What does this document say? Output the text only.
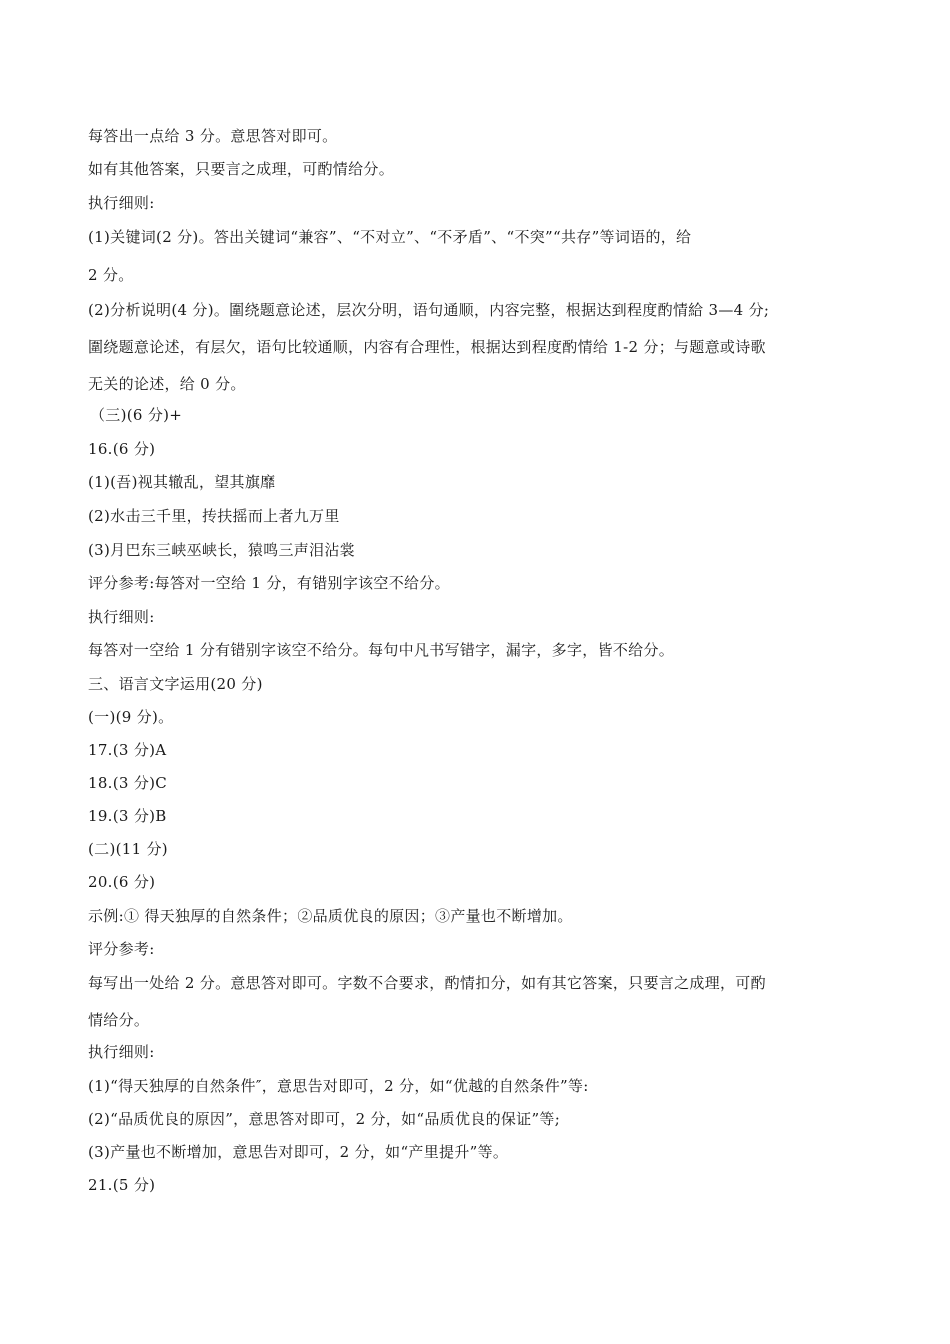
每答出一点给 3 分。意思答对即可。
如有其他答案，只要言之成理，可酌情给分。
执行细则:
(1)关键词(2 分)。答出关键词“兼容”、“不对立”、“不矛盾”、“不突”“共存”等词语的，给
2 分。
(2)分析说明(4 分)。圍绕题意论述，层次分明，语句通顺，内容完整，根据达到程度酌情給 3—4 分;
圍绕题意论述，有层欠，语句比较通顺，内容有合理性，根据达到程度酌情给 1-2 分；与题意或诗歌
无关的论述，给 0 分。
（三)(6 分)+
16.(6 分)
(1)(吾)视其辙乱，望其旗靡
(2)水击三千里，抟扶摇而上者九万里
(3)月巴东三峡巫峡长，猿鸣三声泪沾裳
评分参考:每答对一空给 1 分，有错别字该空不给分。
执行细则:
每答对一空给 1 分有错别字该空不给分。每句中凡书写错字，漏字，多字，皆不给分。
三、语言文字运用(20 分)
(一)(9 分)。
17.(3 分)A
18.(3 分)C
19.(3 分)B
(二)(11 分)
20.(6 分)
示例:① 得天独厚的自然条件；②品质优良的原因；③产量也不断增加。
评分参考:
每写出一处给 2 分。意思答对即可。字数不合要求，酌情扣分，如有其它答案，只要言之成理，可酌
情给分。
执行细则:
(1)“得天独厚的自然条件″，意思告对即可，2 分，如“优越的自然条件”等:
(2)“品质优良的原因”，意思答对即可，2 分，如“品质优良的保证”等;
(3)产量也不断增加，意思告对即可，2 分，如“产里提升”等。
21.(5 分)
